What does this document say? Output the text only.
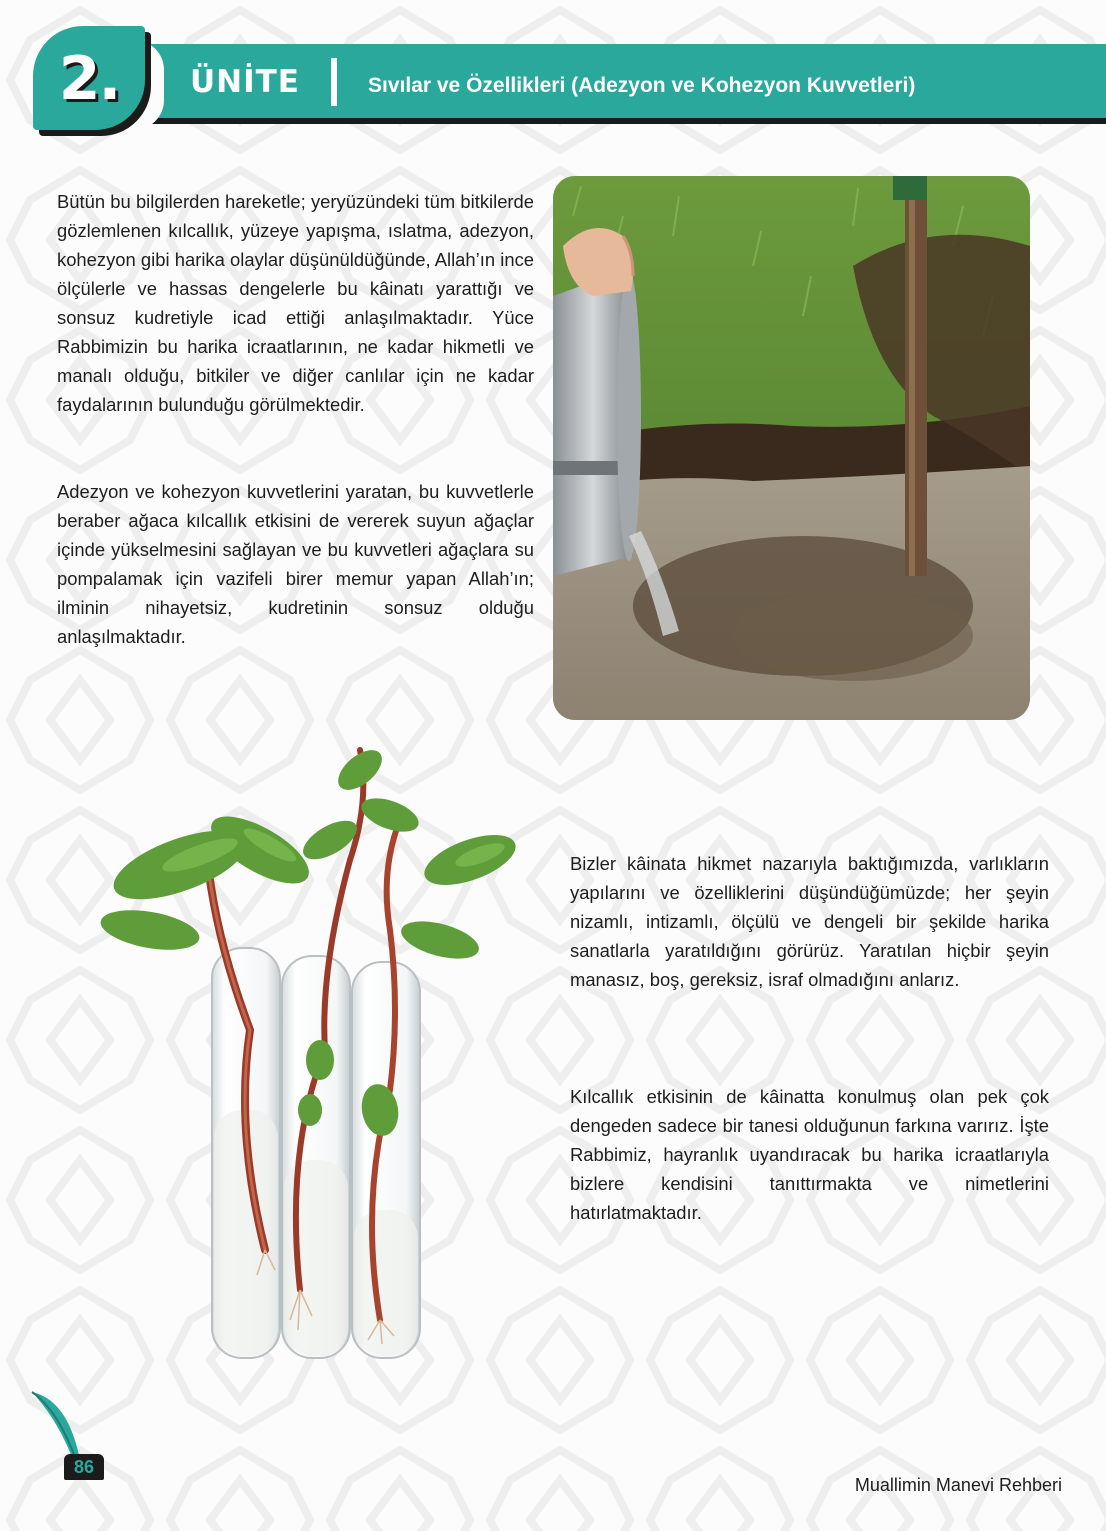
2. ÜNİTE	Sıvılar ve Özellikleri (Adezyon ve Kohezyon Kuvvetleri)

Bütün bu bilgilerden hareketle; yeryüzündeki tüm bitkilerde gözlemlenen kılcallık, yüzeye yapışma, ıslatma, adezyon, kohezyon gibi harika olaylar düşünüldüğünde, Allah’ın ince ölçülerle ve hassas dengelerle bu kâinatı yarattığı ve sonsuz kudretiyle icad ettiği anlaşılmaktadır. Yüce Rabbimizin bu harika icraatlarının, ne kadar hikmetli ve manalı olduğu, bitkiler ve diğer canlılar için ne kadar faydalarının bulunduğu görülmektedir.

Adezyon ve kohezyon kuvvetlerini yaratan, bu kuvvetlerle beraber ağaca kılcallık etkisini de vererek suyun ağaçlar içinde yükselmesini sağlayan ve bu kuvvetleri ağaçlara su pompalamak için vazifeli birer memur yapan Allah’ın; ilminin nihayetsiz, kudretinin sonsuz olduğu anlaşılmaktadır.

Bizler kâinata hikmet nazarıyla baktığımızda, varlıkların yapılarını ve özelliklerini düşündüğümüzde; her şeyin nizamlı, intizamlı, ölçülü ve dengeli bir şekilde harika sanatlarla yaratıldığını görürüz. Yaratılan hiçbir şeyin manasız, boş, gereksiz, israf olmadığını anlarız.

Kılcallık etkisinin de kâinatta konulmuş olan pek çok dengeden sadece bir tanesi olduğunun farkına varırız. İşte Rabbimiz, hayranlık uyandıracak bu harika icraatlarıyla bizlere kendisini tanıttırmakta ve nimetlerini hatırlatmaktadır.

86
Muallimin Manevi Rehberi
